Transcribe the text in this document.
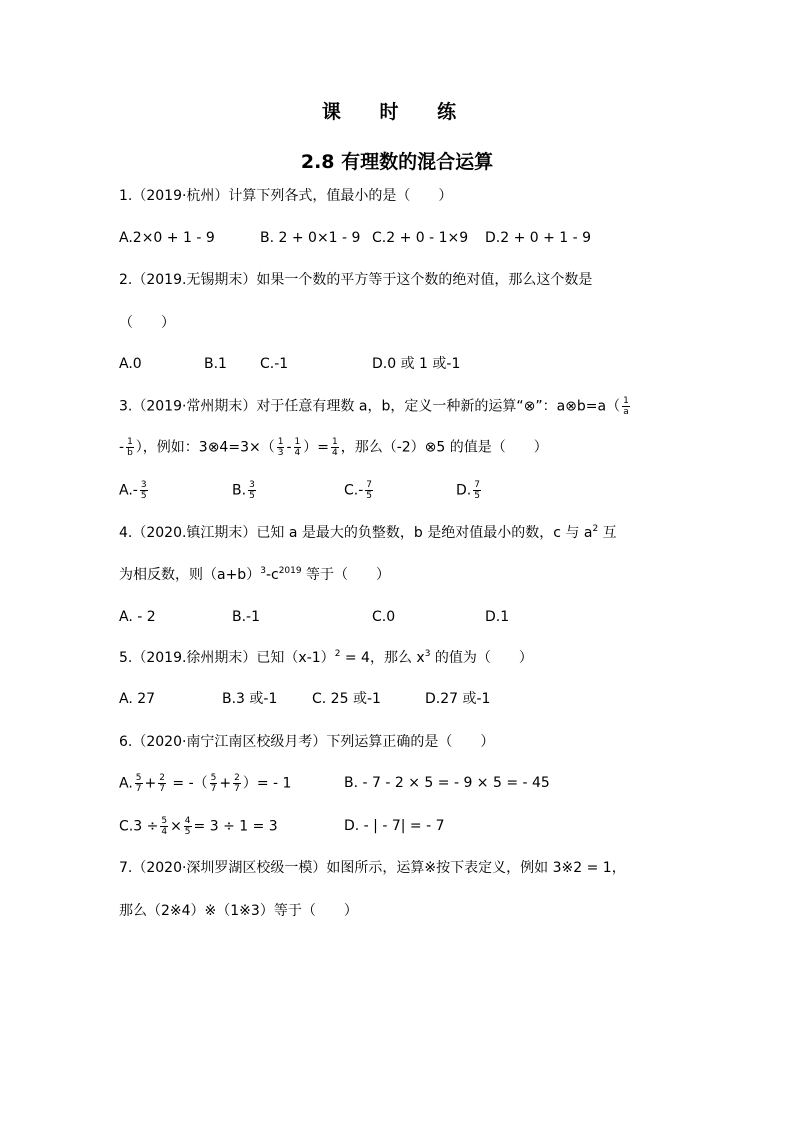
课 时 练
2.8 有理数的混合运算
1.（2019·杭州）计算下列各式，值最小的是（　　）
A.2×0 + 1 - 9	B. 2 + 0×1 - 9 C.2 + 0 - 1×9 D.2 + 0 + 1 - 9
2.（2019.无锡期末）如果一个数的平方等于这个数的绝对值，那么这个数是
（　　）
A.0	B.1 C.-1	D.0 或 1 或-1
3.（2019·常州期末）对于任意有理数 a，b，定义一种新的运算“⊗”：a⊗b=a（ $\frac{1}{a}$
- $\frac{1}{b}$ ），例如：3⊗4=3×（ $\frac{1}{3} - \frac{1}{4}$ ）= $\frac{1}{4}$ ，那么（-2）⊗5 的值是（　　）
$A.- \frac{3}{5}$	B. $\frac{3}{5}$	$C.- \frac{7}{5}$	D. $\frac{7}{5}$
4.（2020.镇江期末）已知 a 是最大的负整数，b 是绝对值最小的数，c 与 $a^2$ 互
为相反数，则$(a+b)^3-c^{2019}$ 等于（　　）
A. - 2	B.-1	C.0	D.1
5.（2019.徐州期末）已知$(x-1)^2 = 4$，那么 $x^3$ 的值为（　　）
A. 27	B.3 或-1 C. 25 或-1	D.27 或-1
6.（2020·南宁江南区校级月考）下列运算正确的是（　　）
A. $\frac{5}{7} + \frac{2}{7}$ = -（ $\frac{5}{7} + \frac{2}{7}$ ）= - 1	B. - 7 - 2 × 5 = - 9 × 5 = - 45
$C.3 \div \frac{5}{4} \times \frac{4}{5} = 3 \div 1 = 3$	D. - | - 7| = - 7
7.（2020·深圳罗湖区校级一模）如图所示，运算※按下表定义，例如 3※2 = 1，
那么（2※4）※（1※3）等于（　　）
